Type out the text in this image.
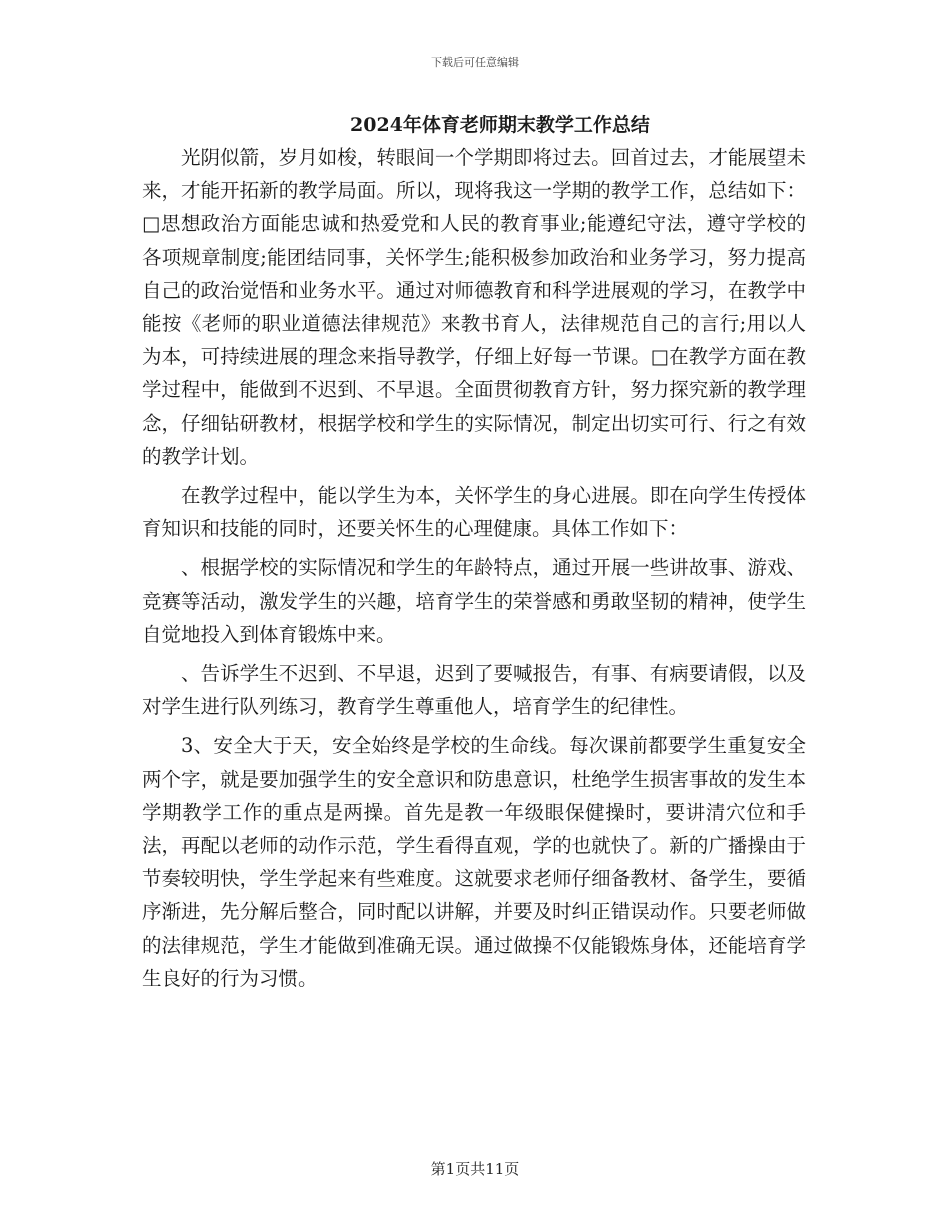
下载后可任意编辑
2024年体育老师期末教学工作总结

光阴似箭，岁月如梭，转眼间一个学期即将过去。回首过去，才能展望未来，才能开拓新的教学局面。所以，现将我这一学期的教学工作，总结如下：□思想政治方面能忠诚和热爱党和人民的教育事业;能遵纪守法，遵守学校的各项规章制度;能团结同事，关怀学生;能积极参加政治和业务学习，努力提高自己的政治觉悟和业务水平。通过对师德教育和科学进展观的学习，在教学中能按《老师的职业道德法律规范》来教书育人，法律规范自己的言行;用以人为本，可持续进展的理念来指导教学，仔细上好每一节课。□在教学方面在教学过程中，能做到不迟到、不早退。全面贯彻教育方针，努力探究新的教学理念，仔细钻研教材，根据学校和学生的实际情况，制定出切实可行、行之有效的教学计划。

在教学过程中，能以学生为本，关怀学生的身心进展。即在向学生传授体育知识和技能的同时，还要关怀生的心理健康。具体工作如下：

、根据学校的实际情况和学生的年龄特点，通过开展一些讲故事、游戏、竞赛等活动，激发学生的兴趣，培育学生的荣誉感和勇敢坚韧的精神，使学生自觉地投入到体育锻炼中来。

、告诉学生不迟到、不早退，迟到了要喊报告，有事、有病要请假，以及对学生进行队列练习，教育学生尊重他人，培育学生的纪律性。

3、安全大于天，安全始终是学校的生命线。每次课前都要学生重复安全两个字，就是要加强学生的安全意识和防患意识，杜绝学生损害事故的发生本学期教学工作的重点是两操。首先是教一年级眼保健操时，要讲清穴位和手法，再配以老师的动作示范，学生看得直观，学的也就快了。新的广播操由于节奏较明快，学生学起来有些难度。这就要求老师仔细备教材、备学生，要循序渐进，先分解后整合，同时配以讲解，并要及时纠正错误动作。只要老师做的法律规范，学生才能做到准确无误。通过做操不仅能锻炼身体，还能培育学生良好的行为习惯。

第1页共11页
